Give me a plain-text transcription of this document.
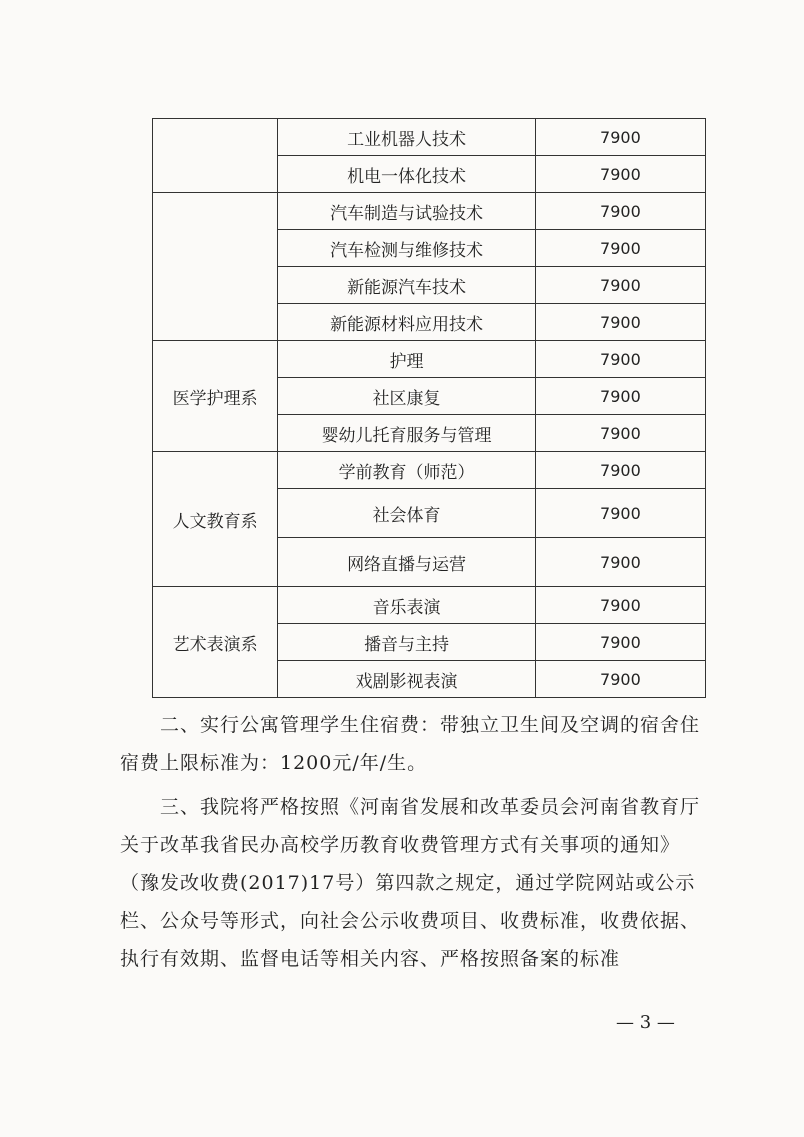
	工业机器人技术	7900
	机电一体化技术	7900
	汽车制造与试验技术	7900
	汽车检测与维修技术	7900
	新能源汽车技术	7900
	新能源材料应用技术	7900
医学护理系	护理	7900
	社区康复	7900
	婴幼儿托育服务与管理	7900
人文教育系	学前教育（师范）	7900
	社会体育	7900
	网络直播与运营	7900
艺术表演系	音乐表演	7900
	播音与主持	7900
	戏剧影视表演	7900

二、实行公寓管理学生住宿费：带独立卫生间及空调的宿舍住宿费上限标准为：1200元/年/生。

三、我院将严格按照《河南省发展和改革委员会河南省教育厅关于改革我省民办高校学历教育收费管理方式有关事项的通知》（豫发改收费(2017)17号）第四款之规定，通过学院网站或公示栏、公众号等形式，向社会公示收费项目、收费标准，收费依据、执行有效期、监督电话等相关内容、严格按照备案的标准

— 3 —
